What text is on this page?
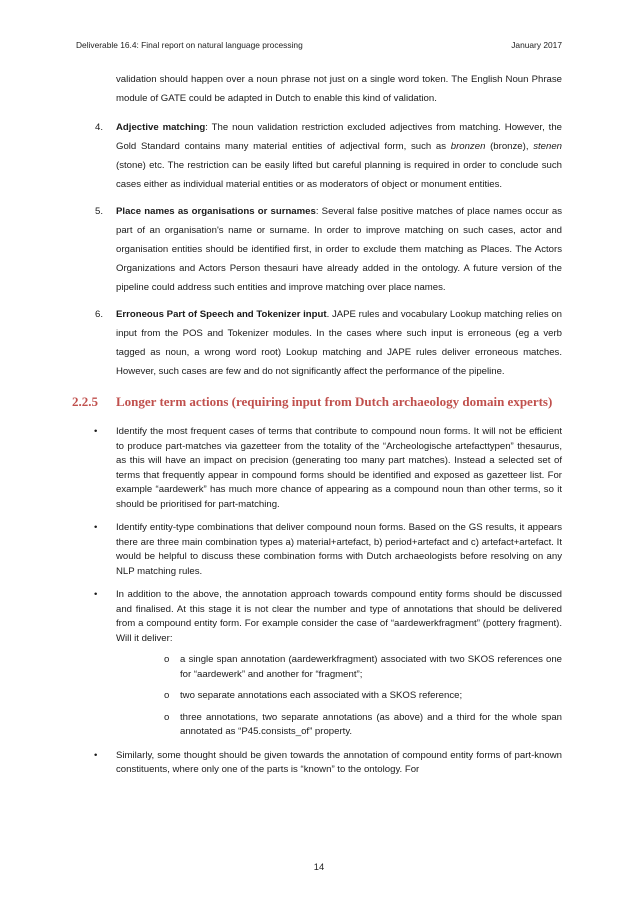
Deliverable 16.4: Final report on natural language processing	January 2017

validation should happen over a noun phrase not just on a single word token. The English Noun Phrase module of GATE could be adapted in Dutch to enable this kind of validation.

4. Adjective matching: The noun validation restriction excluded adjectives from matching. However, the Gold Standard contains many material entities of adjectival form, such as bronzen (bronze), stenen (stone) etc. The restriction can be easily lifted but careful planning is required in order to conclude such cases either as individual material entities or as moderators of object or monument entities.
5. Place names as organisations or surnames: Several false positive matches of place names occur as part of an organisation's name or surname. In order to improve matching on such cases, actor and organisation entities should be identified first, in order to exclude them matching as Places. The Actors Organizations and Actors Person thesauri have already added in the ontology. A future version of the pipeline could address such entities and improve matching over place names.
6. Erroneous Part of Speech and Tokenizer input. JAPE rules and vocabulary Lookup matching relies on input from the POS and Tokenizer modules. In the cases where such input is erroneous (eg a verb tagged as noun, a wrong word root) Lookup matching and JAPE rules deliver erroneous matches. However, such cases are few and do not significantly affect the performance of the pipeline.
2.2.5 Longer term actions (requiring input from Dutch archaeology domain experts)
• Identify the most frequent cases of terms that contribute to compound noun forms. It will not be efficient to produce part-matches via gazetteer from the totality of the “Archeologische artefacttypen” thesaurus, as this will have an impact on precision (generating too many part matches). Instead a selected set of terms that frequently appear in compound forms should be identified and exposed as gazetteer list. For example “aardewerk” has much more chance of appearing as a compound noun than other terms, so it should be prioritised for part-matching.
• Identify entity-type combinations that deliver compound noun forms. Based on the GS results, it appears there are three main combination types a) material+artefact, b) period+artefact and c) artefact+artefact. It would be helpful to discuss these combination forms with Dutch archaeologists before resolving on any NLP matching rules.
• In addition to the above, the annotation approach towards compound entity forms should be discussed and finalised. At this stage it is not clear the number and type of annotations that should be delivered from a compound entity form. For example consider the case of “aardewerkfragment” (pottery fragment). Will it deliver:
o a single span annotation (aardewerkfragment) associated with two SKOS references one for “aardewerk” and another for “fragment”;
o two separate annotations each associated with a SKOS reference;
o three annotations, two separate annotations (as above) and a third for the whole span annotated as “P45.consists_of” property.
• Similarly, some thought should be given towards the annotation of compound entity forms of part-known constituents, where only one of the parts is “known” to the ontology. For
14
